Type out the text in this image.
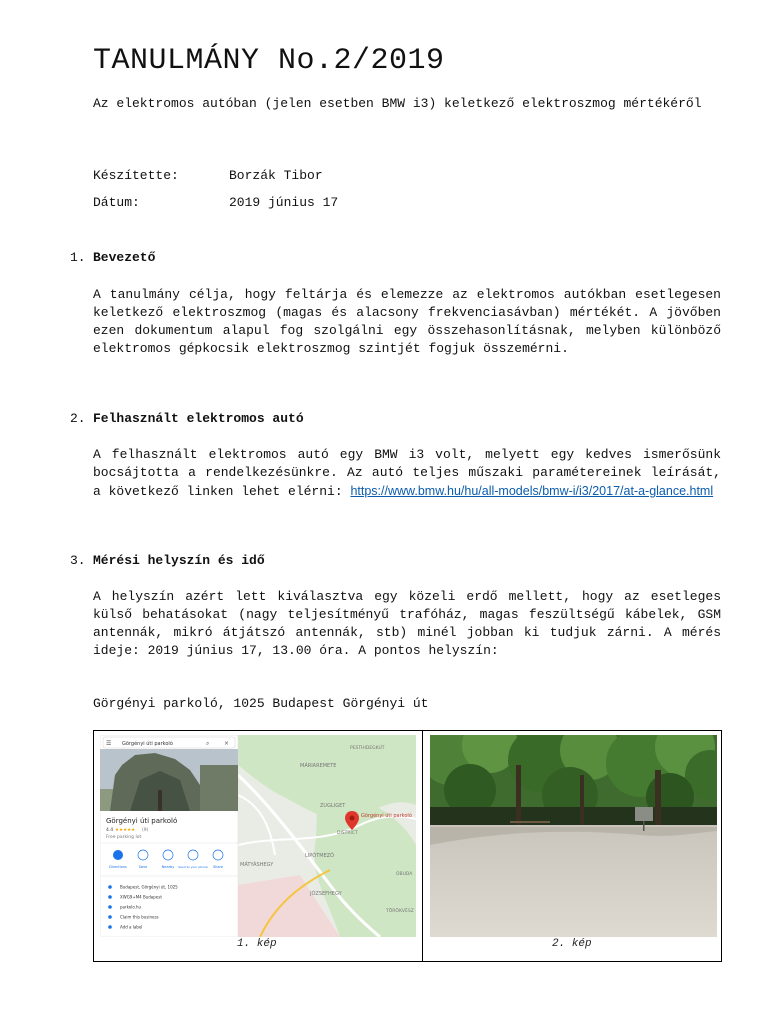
TANULMÁNY No.2/2019
Az elektromos autóban (jelen esetben BMW i3) keletkező elektroszmog mértékéről
Készítette:	Borzák Tibor
Dátum:	2019 június 17
1. Bevezető
A tanulmány célja, hogy feltárja és elemezze az elektromos autókban esetlegesen keletkező elektroszmog (magas és alacsony frekvenciasávban) mértékét. A jövőben ezen dokumentum alapul fog szolgálni egy összehasonlításnak, melyben különböző elektromos gépkocsik elektroszmog szintjét fogjuk összemérni.
2. Felhasznált elektromos autó
A felhasznált elektromos autó egy BMW i3 volt, melyett egy kedves ismerősünk bocsájtotta a rendelkezésünkre. Az autó teljes műszaki paramétereinek leírását, a következő linken lehet elérni: https://www.bmw.hu/hu/all-models/bmw-i/i3/2017/at-a-glance.html
3. Mérési helyszín és idő
A helyszín azért lett kiválasztva egy közeli erdő mellett, hogy az esetleges külső behatásokat (nagy teljesítményű trafóház, magas feszültségű kábelek, GSM antennák, mikró átjátszó antennák, stb) minél jobban ki tudjuk zárni. A mérés ideje: 2019 június 17, 13.00 óra. A pontos helyszín:
Görgényi parkoló, 1025 Budapest Görgényi út
MÁRIAREMETE
PESTHIDEGKÚT
ZUGLIGET
MÁTYÁSHEGY
LIPÓTMEZŐ
DISTRICT
JÓZSEFHEGY
ÓBUDA
TÖRÖKVÉSZ
Görgényi úti parkoló
☰ Görgényi úti parkoló	⌕ ×
Görgényi úti parkoló
4.4 ★★★★★ (9)
Free parking lot
Directions	Save	Nearby Send to your phone Share
Budapest, Görgényi út, 1025
XWG9+M4 Budapest
parkolo.hu
Claim this business
Add a label
1. kép	2. kép
